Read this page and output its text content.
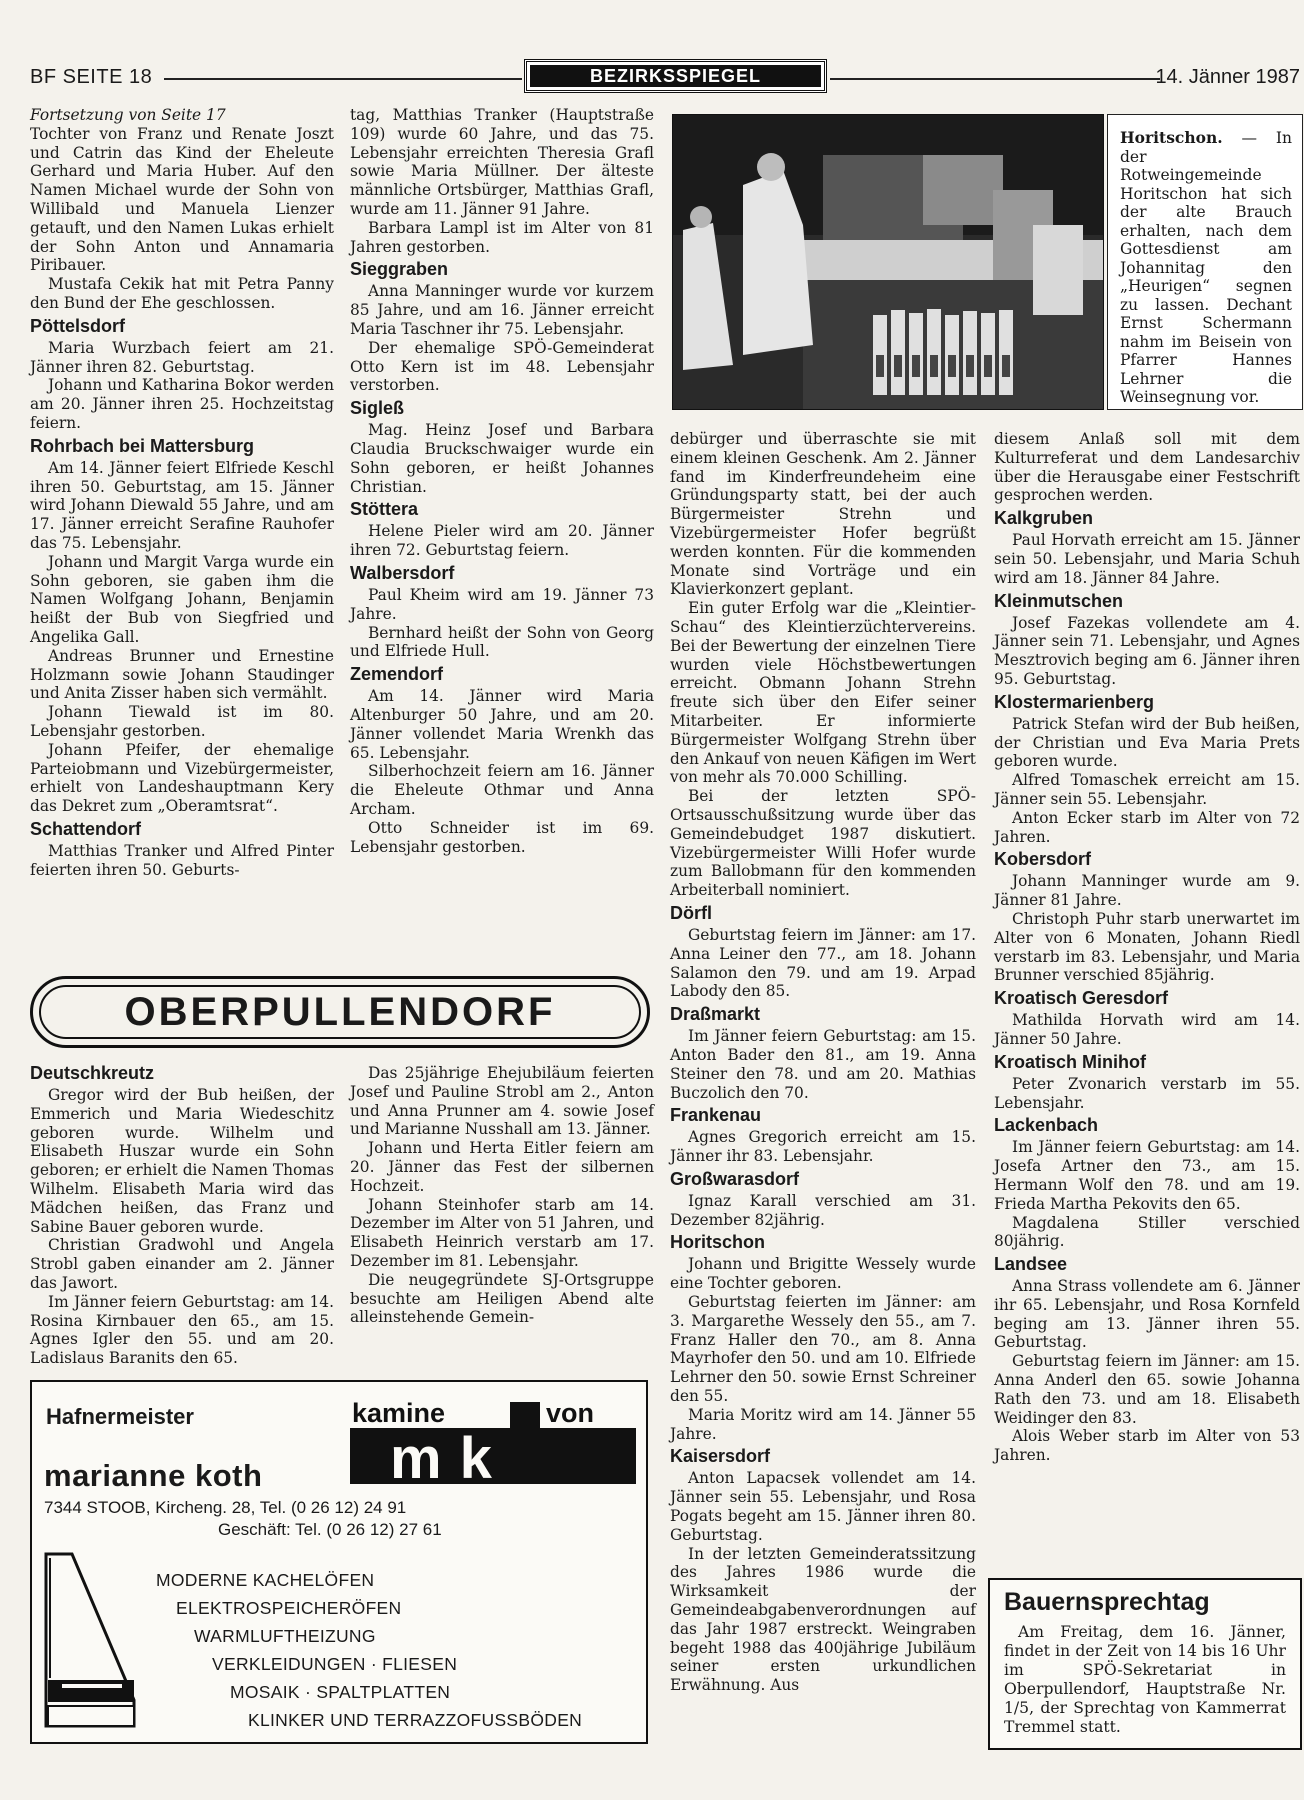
BF SEITE 18	BEZIRKSSPIEGEL	14. Jänner 1987

Fortsetzung von Seite 17

Tochter von Franz und Renate Joszt und Catrin das Kind der Eheleute Gerhard und Maria Huber. Auf den Namen Michael wurde der Sohn von Willibald und Manuela Lienzer getauft, und den Namen Lukas erhielt der Sohn Anton und Annamaria Piribauer.

Mustafa Cekik hat mit Petra Panny den Bund der Ehe geschlossen.

Pöttelsdorf

Maria Wurzbach feiert am 21. Jänner ihren 82. Geburtstag.

Johann und Katharina Bokor werden am 20. Jänner ihren 25. Hochzeitstag feiern.

Rohrbach bei Mattersburg

Am 14. Jänner feiert Elfriede Keschl ihren 50. Geburtstag, am 15. Jänner wird Johann Diewald 55 Jahre, und am 17. Jänner erreicht Serafine Rauhofer das 75. Lebensjahr.

Johann und Margit Varga wurde ein Sohn geboren, sie gaben ihm die Namen Wolfgang Johann, Benjamin heißt der Bub von Siegfried und Angelika Gall.

Andreas Brunner und Ernestine Holzmann sowie Johann Staudinger und Anita Zisser haben sich vermählt.

Johann Tiewald ist im 80. Lebensjahr gestorben.

Johann Pfeifer, der ehemalige Parteiobmann und Vizebürgermeister, erhielt von Landeshauptmann Kery das Dekret zum „Oberamtsrat“.

Schattendorf

Matthias Tranker und Alfred Pinter feierten ihren 50. Geburts-

tag, Matthias Tranker (Hauptstraße 109) wurde 60 Jahre, und das 75. Lebensjahr erreichten Theresia Grafl sowie Maria Müllner. Der älteste männliche Ortsbürger, Matthias Grafl, wurde am 11. Jänner 91 Jahre.

Barbara Lampl ist im Alter von 81 Jahren gestorben.

Sieggraben

Anna Manninger wurde vor kurzem 85 Jahre, und am 16. Jänner erreicht Maria Taschner ihr 75. Lebensjahr.

Der ehemalige SPÖ-Gemeinderat Otto Kern ist im 48. Lebensjahr verstorben.

Sigleß

Mag. Heinz Josef und Barbara Claudia Bruckschwaiger wurde ein Sohn geboren, er heißt Johannes Christian.

Stöttera

Helene Pieler wird am 20. Jänner ihren 72. Geburtstag feiern.

Walbersdorf

Paul Kheim wird am 19. Jänner 73 Jahre.

Bernhard heißt der Sohn von Georg und Elfriede Hull.

Zemendorf

Am 14. Jänner wird Maria Altenburger 50 Jahre, und am 20. Jänner vollendet Maria Wrenkh das 65. Lebensjahr.

Silberhochzeit feiern am 16. Jänner die Eheleute Othmar und Anna Archam.

Otto Schneider ist im 69. Lebensjahr gestorben.

Horitschon. — In der Rotweingemeinde Horitschon hat sich der alte Brauch erhalten, nach dem Gottesdienst am Johannitag den „Heurigen“ segnen zu lassen. Dechant Ernst Schermann nahm im Beisein von Pfarrer Hannes Lehrner die Weinsegnung vor.

debürger und überraschte sie mit einem kleinen Geschenk. Am 2. Jänner fand im Kinderfreundeheim eine Gründungsparty statt, bei der auch Bürgermeister Strehn und Vizebürgermeister Hofer begrüßt werden konnten. Für die kommenden Monate sind Vorträge und ein Klavierkonzert geplant.

Ein guter Erfolg war die „Kleintier-Schau“ des Kleintierzüchtervereins. Bei der Bewertung der einzelnen Tiere wurden viele Höchstbewertungen erreicht. Obmann Johann Strehn freute sich über den Eifer seiner Mitarbeiter. Er informierte Bürgermeister Wolfgang Strehn über den Ankauf von neuen Käfigen im Wert von mehr als 70.000 Schilling.

Bei der letzten SPÖ-Ortsausschußsitzung wurde über das Gemeindebudget 1987 diskutiert. Vizebürgermeister Willi Hofer wurde zum Ballobmann für den kommenden Arbeiterball nominiert.

Dörfl

Geburtstag feiern im Jänner: am 17. Anna Leiner den 77., am 18. Johann Salamon den 79. und am 19. Arpad Labody den 85.

Draßmarkt

Im Jänner feiern Geburtstag: am 15. Anton Bader den 81., am 19. Anna Steiner den 78. und am 20. Mathias Buczolich den 70.

Frankenau

Agnes Gregorich erreicht am 15. Jänner ihr 83. Lebensjahr.

Großwarasdorf

Ignaz Karall verschied am 31. Dezember 82jährig.

Horitschon

Johann und Brigitte Wessely wurde eine Tochter geboren.

Geburtstag feierten im Jänner: am 3. Margarethe Wessely den 55., am 7. Franz Haller den 70., am 8. Anna Mayrhofer den 50. und am 10. Elfriede Lehrner den 50. sowie Ernst Schreiner den 55.

Maria Moritz wird am 14. Jänner 55 Jahre.

Kaisersdorf

Anton Lapacsek vollendet am 14. Jänner sein 55. Lebensjahr, und Rosa Pogats begeht am 15. Jänner ihren 80. Geburtstag.

In der letzten Gemeinderatssitzung des Jahres 1986 wurde die Wirksamkeit der Gemeindeabgabenverordnungen auf das Jahr 1987 erstreckt. Weingraben begeht 1988 das 400jährige Jubiläum seiner ersten urkundlichen Erwähnung. Aus

diesem Anlaß soll mit dem Kulturreferat und dem Landesarchiv über die Herausgabe einer Festschrift gesprochen werden.

Kalkgruben

Paul Horvath erreicht am 15. Jänner sein 50. Lebensjahr, und Maria Schuh wird am 18. Jänner 84 Jahre.

Kleinmutschen

Josef Fazekas vollendete am 4. Jänner sein 71. Lebensjahr, und Agnes Mesztrovich beging am 6. Jänner ihren 95. Geburtstag.

Klostermarienberg

Patrick Stefan wird der Bub heißen, der Christian und Eva Maria Prets geboren wurde.

Alfred Tomaschek erreicht am 15. Jänner sein 55. Lebensjahr.

Anton Ecker starb im Alter von 72 Jahren.

Kobersdorf

Johann Manninger wurde am 9. Jänner 81 Jahre.

Christoph Puhr starb unerwartet im Alter von 6 Monaten, Johann Riedl verstarb im 83. Lebensjahr, und Maria Brunner verschied 85jährig.

Kroatisch Geresdorf

Mathilda Horvath wird am 14. Jänner 50 Jahre.

Kroatisch Minihof

Peter Zvonarich verstarb im 55. Lebensjahr.

Lackenbach

Im Jänner feiern Geburtstag: am 14. Josefa Artner den 73., am 15. Hermann Wolf den 78. und am 19. Frieda Martha Pekovits den 65.

Magdalena Stiller verschied 80jährig.

Landsee

Anna Strass vollendete am 6. Jänner ihr 65. Lebensjahr, und Rosa Kornfeld beging am 13. Jänner ihren 55. Geburtstag.

Geburtstag feiern im Jänner: am 15. Anna Anderl den 65. sowie Johanna Rath den 73. und am 18. Elisabeth Weidinger den 83.

Alois Weber starb im Alter von 53 Jahren.

OBERPULLENDORF
Deutschkreutz

Gregor wird der Bub heißen, der Emmerich und Maria Wiedeschitz geboren wurde. Wilhelm und Elisabeth Huszar wurde ein Sohn geboren; er erhielt die Namen Thomas Wilhelm. Elisabeth Maria wird das Mädchen heißen, das Franz und Sabine Bauer geboren wurde.

Christian Gradwohl und Angela Strobl gaben einander am 2. Jänner das Jawort.

Im Jänner feiern Geburtstag: am 14. Rosina Kirnbauer den 65., am 15. Agnes Igler den 55. und am 20. Ladislaus Baranits den 65.

Das 25jährige Ehejubiläum feierten Josef und Pauline Strobl am 2., Anton und Anna Prunner am 4. sowie Josef und Marianne Nusshall am 13. Jänner.

Johann und Herta Eitler feiern am 20. Jänner das Fest der silbernen Hochzeit.

Johann Steinhofer starb am 14. Dezember im Alter von 51 Jahren, und Elisabeth Heinrich verstarb am 17. Dezember im 81. Lebensjahr.

Die neugegründete SJ-Ortsgruppe besuchte am Heiligen Abend alte alleinstehende Gemein-

Hafnermeister
marianne koth
7344 STOOB, Kircheng. 28, Tel. (0 26 12) 24 91
Geschäft: Tel. (0 26 12) 27 61
kamine	von
mk
MODERNE KACHELÖFEN
ELEKTROSPEICHERÖFEN
WARMLUFTHEIZUNG
VERKLEIDUNGEN · FLIESEN
MOSAIK · SPALTPLATTEN
KLINKER UND TERRAZZOFUSSBÖDEN
Bauernsprechtag

Am Freitag, dem 16. Jänner, findet in der Zeit von 14 bis 16 Uhr im SPÖ-Sekretariat in Oberpullendorf, Hauptstraße Nr. 1/5, der Sprechtag von Kammerrat Tremmel statt.
